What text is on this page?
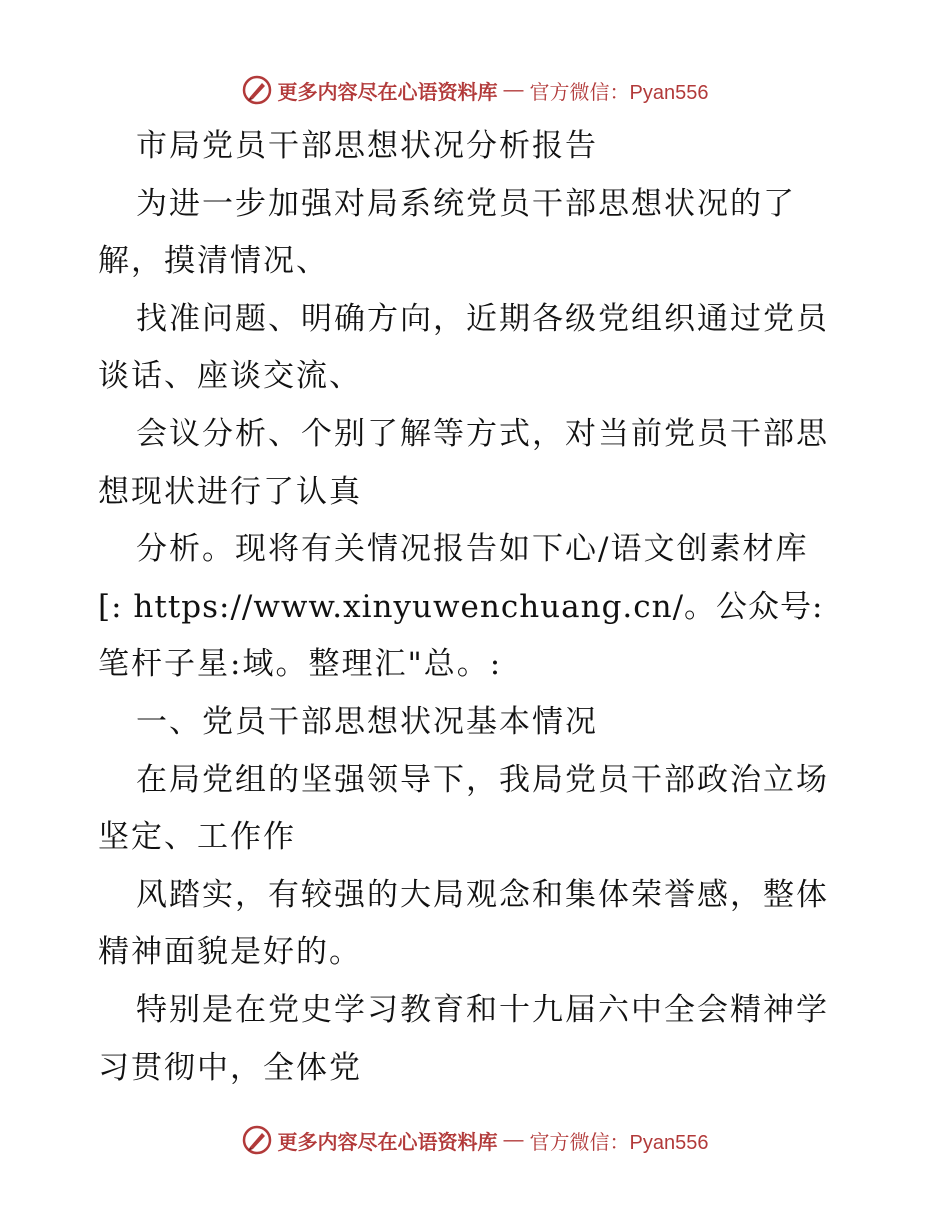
更多内容尽在心语资料库 — 官方微信：Pyan556
市局党员干部思想状况分析报告
为进一步加强对局系统党员干部思想状况的了
解，摸清情况、
找准问题、明确方向，近期各级党组织通过党员
谈话、座谈交流、
会议分析、个别了解等方式，对当前党员干部思
想现状进行了认真
分析。现将有关情况报告如下心/语文创素材库
[: https://www.xinyuwenchuang.cn/。公众号:
笔杆子星:域。整理汇"总。:
一、党员干部思想状况基本情况
在局党组的坚强领导下，我局党员干部政治立场
坚定、工作作
风踏实，有较强的大局观念和集体荣誉感，整体
精神面貌是好的。
特别是在党史学习教育和十九届六中全会精神学
习贯彻中，全体党
更多内容尽在心语资料库 — 官方微信：Pyan556
